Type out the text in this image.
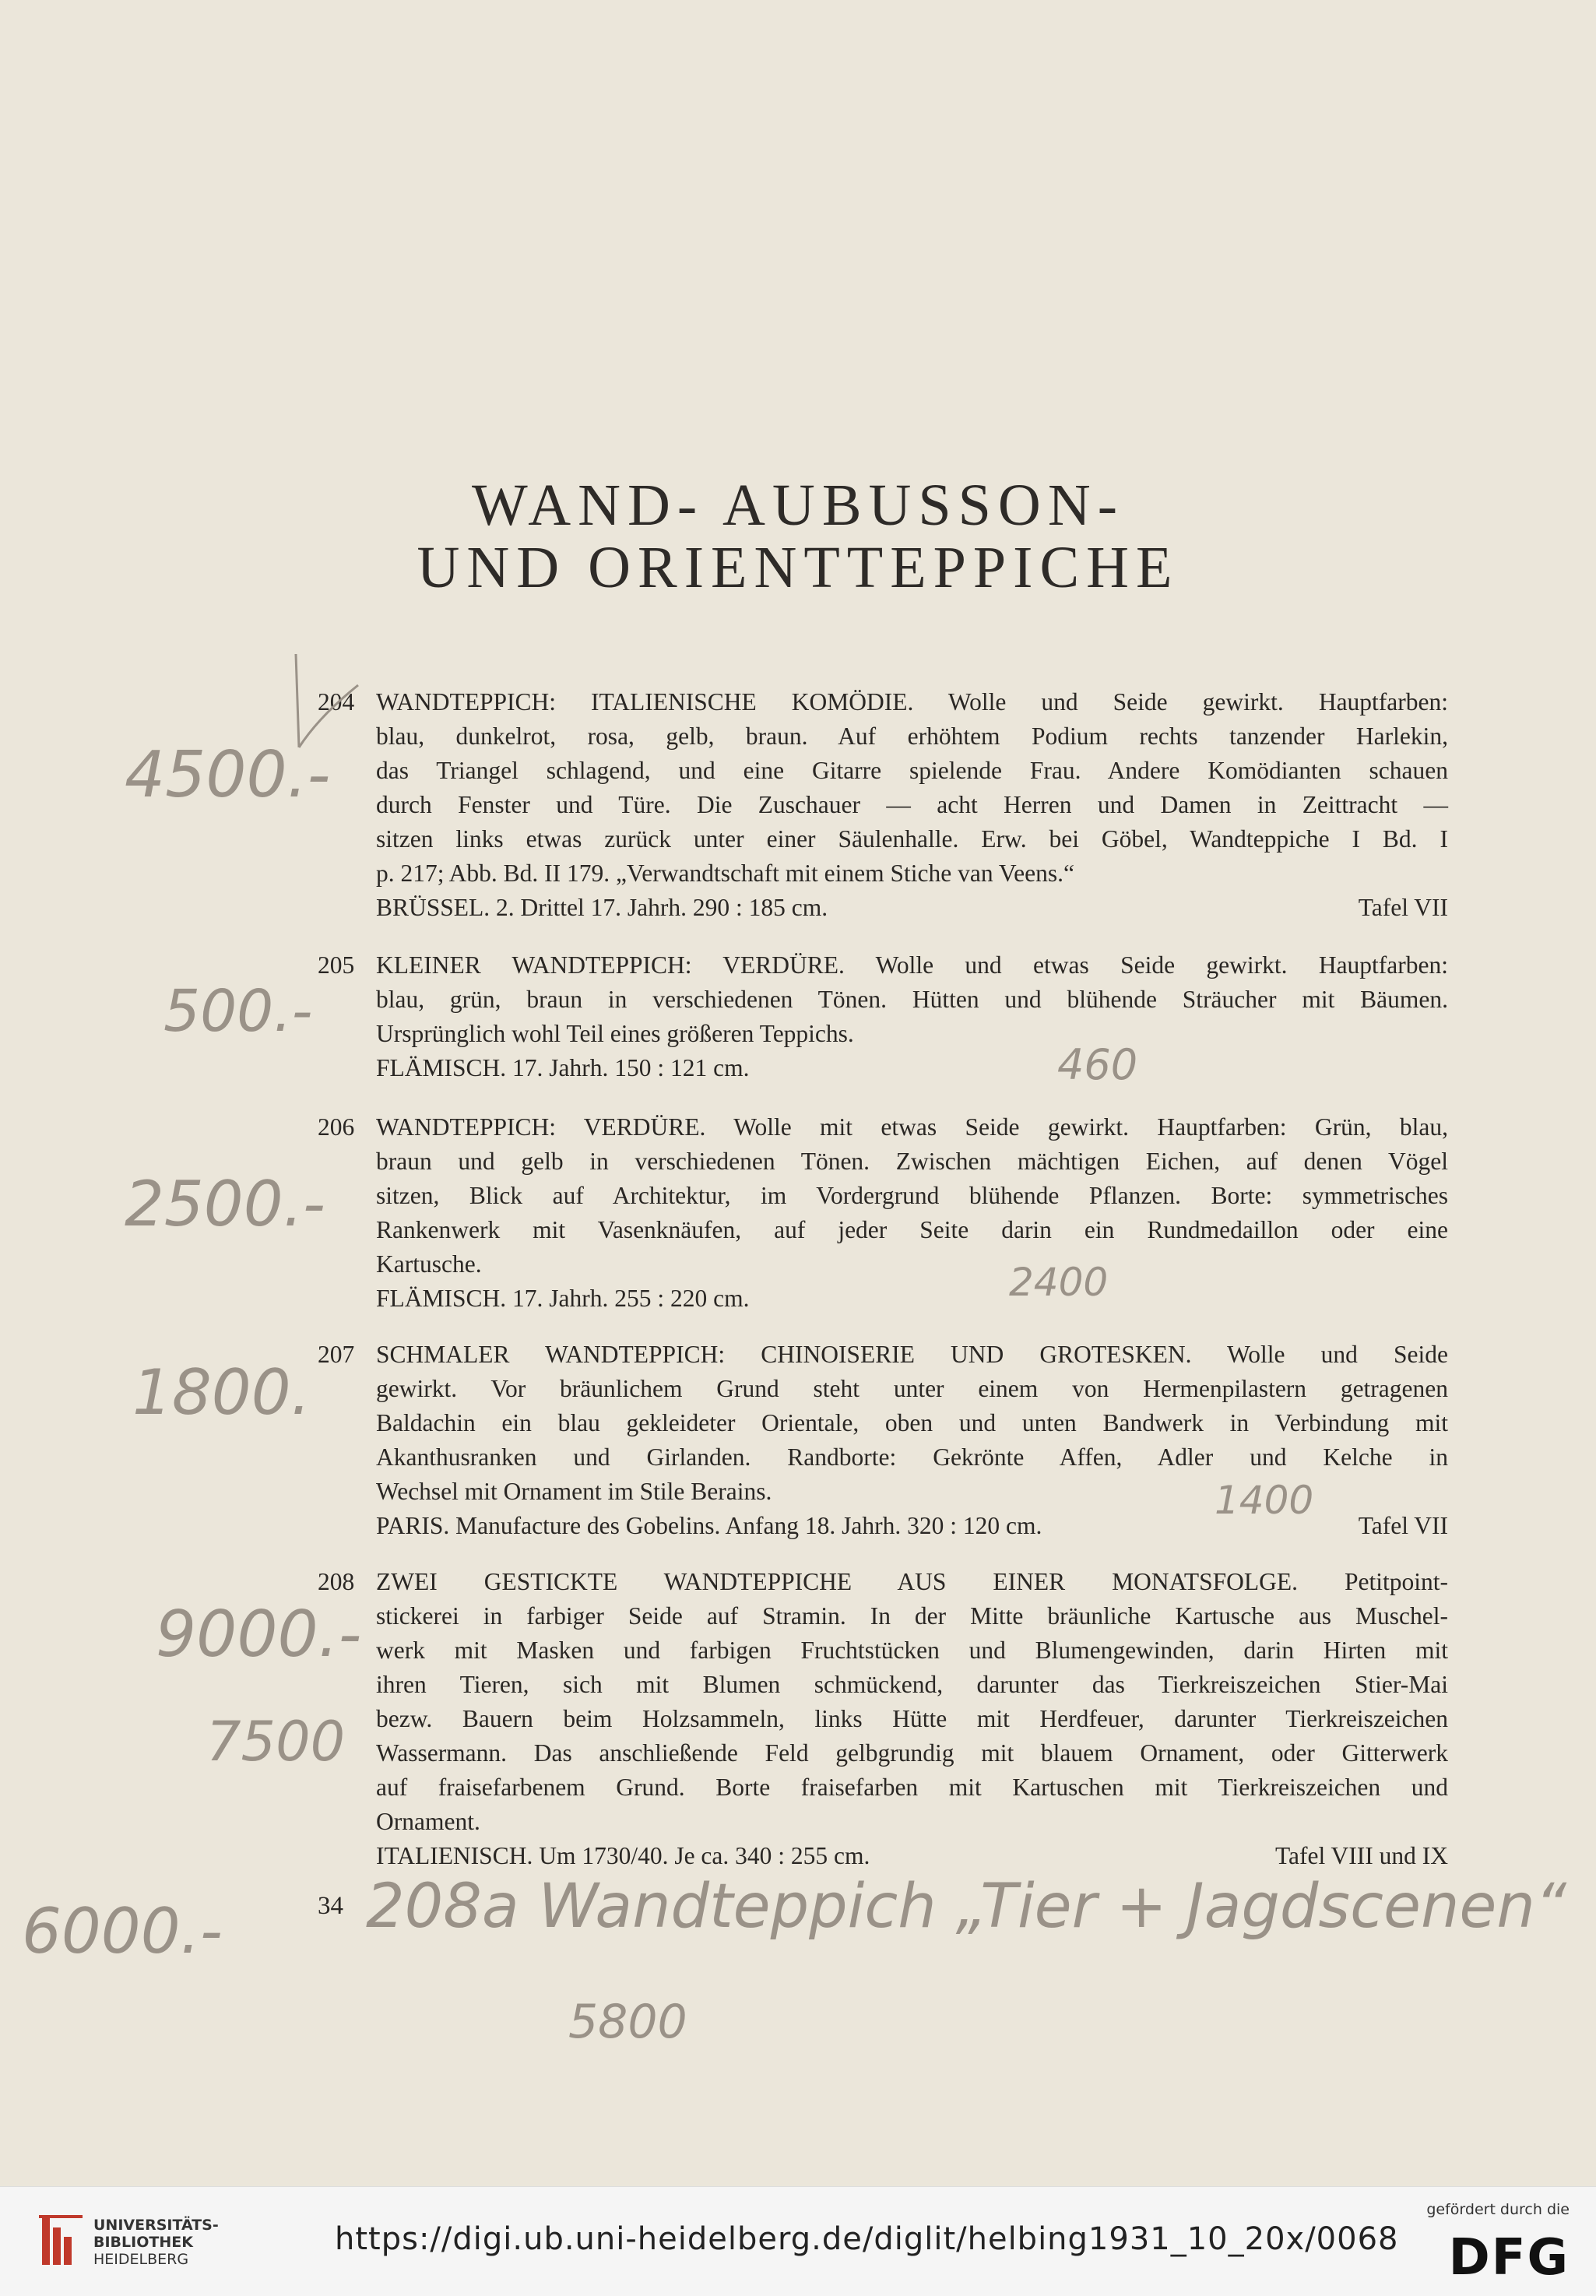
WAND- AUBUSSON-
UND ORIENTTEPPICHE
204 WANDTEPPICH: ITALIENISCHE KOMÖDIE. Wolle und Seide gewirkt. Hauptfarben:
blau, dunkelrot, rosa, gelb, braun. Auf erhöhtem Podium rechts tanzender Harlekin,
das Triangel schlagend, und eine Gitarre spielende Frau. Andere Komödianten schauen
durch Fenster und Türe. Die Zuschauer — acht Herren und Damen in Zeittracht —
sitzen links etwas zurück unter einer Säulenhalle. Erw. bei Göbel, Wandteppiche I Bd. I
p. 217; Abb. Bd. II 179. „Verwandtschaft mit einem Stiche van Veens.“
BRÜSSEL. 2. Drittel 17. Jahrh. 290 : 185 cm.	Tafel VII
205 KLEINER WANDTEPPICH: VERDÜRE. Wolle und etwas Seide gewirkt. Hauptfarben:
blau, grün, braun in verschiedenen Tönen. Hütten und blühende Sträucher mit Bäumen.
Ursprünglich wohl Teil eines größeren Teppichs.
FLÄMISCH. 17. Jahrh. 150 : 121 cm.
206 WANDTEPPICH: VERDÜRE. Wolle mit etwas Seide gewirkt. Hauptfarben: Grün, blau,
braun und gelb in verschiedenen Tönen. Zwischen mächtigen Eichen, auf denen Vögel
sitzen, Blick auf Architektur, im Vordergrund blühende Pflanzen. Borte: symmetrisches
Rankenwerk mit Vasenknäufen, auf jeder Seite darin ein Rundmedaillon oder eine
Kartusche.
FLÄMISCH. 17. Jahrh. 255 : 220 cm.
207 SCHMALER WANDTEPPICH: CHINOISERIE UND GROTESKEN. Wolle und Seide
gewirkt. Vor bräunlichem Grund steht unter einem von Hermenpilastern getragenen
Baldachin ein blau gekleideter Orientale, oben und unten Bandwerk in Verbindung mit
Akanthusranken und Girlanden. Randborte: Gekrönte Affen, Adler und Kelche in
Wechsel mit Ornament im Stile Berains.
PARIS. Manufacture des Gobelins. Anfang 18. Jahrh. 320 : 120 cm.	Tafel VII
208 ZWEI GESTICKTE WANDTEPPICHE AUS EINER MONATSFOLGE. Petitpoint-
stickerei in farbiger Seide auf Stramin. In der Mitte bräunliche Kartusche aus Muschel-
werk mit Masken und farbigen Fruchtstücken und Blumengewinden, darin Hirten mit
ihren Tieren, sich mit Blumen schmückend, darunter das Tierkreiszeichen Stier-Mai
bezw. Bauern beim Holzsammeln, links Hütte mit Herdfeuer, darunter Tierkreiszeichen
Wassermann. Das anschließende Feld gelbgrundig mit blauem Ornament, oder Gitterwerk
auf fraisefarbenem Grund. Borte fraisefarben mit Kartuschen mit Tierkreiszeichen und
Ornament.
ITALIENISCH. Um 1730/40. Je ca. 340 : 255 cm.	Tafel VIII und IX
34
4500.-
500.-
2500.-
1800.
9000.-
7500
460
2400
1400
6000.- 208a Wandteppich „Tier + Jagdscenen“
5800
UNIVERSITÄTS-
BIBLIOTHEK
HEIDELBERG
https://digi.ub.uni-heidelberg.de/diglit/helbing1931_10_20x/0068
gefördert durch die
DFG
